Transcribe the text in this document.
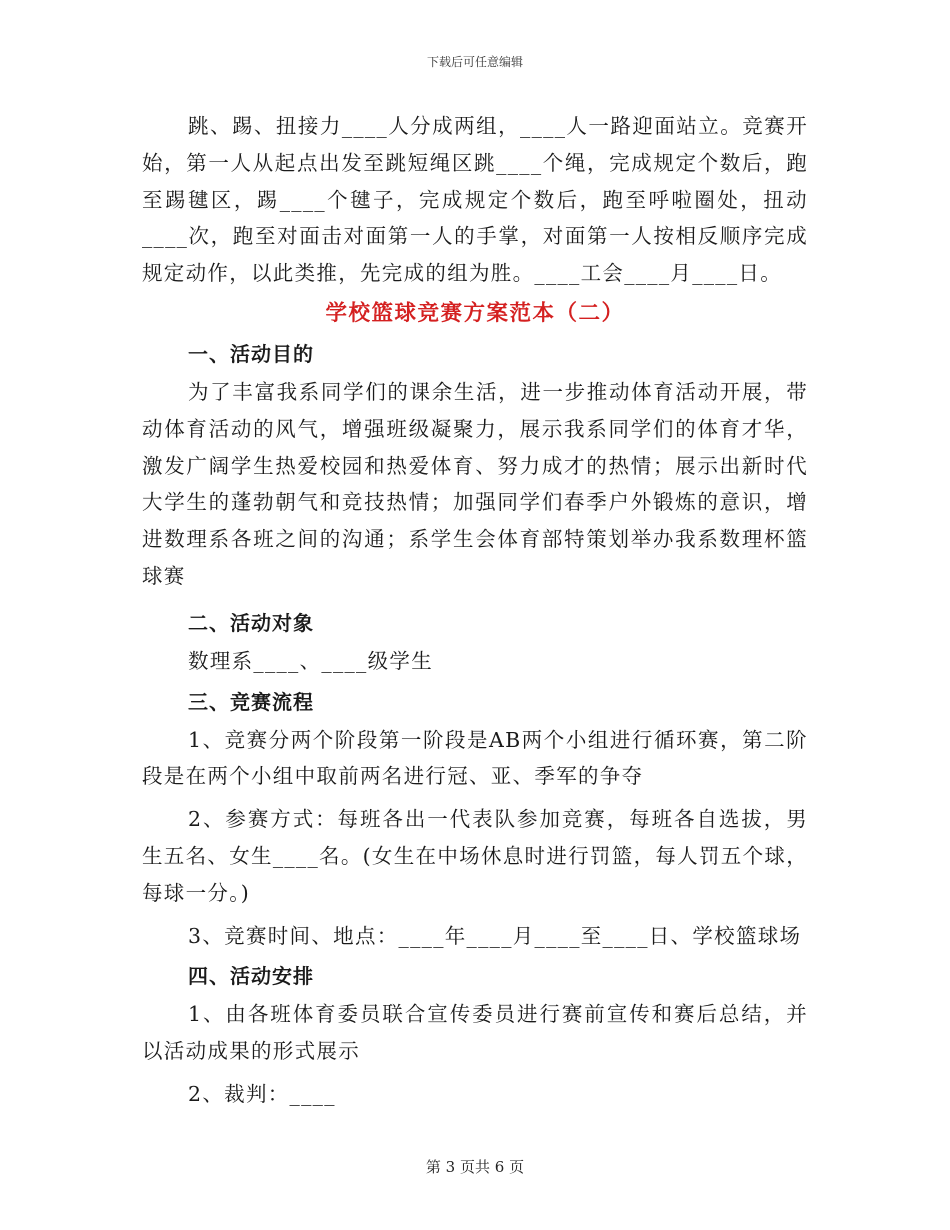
下载后可任意编辑

跳、踢、扭接力____人分成两组，____人一路迎面站立。竞赛开始，第一人从起点出发至跳短绳区跳____个绳，完成规定个数后，跑至踢毽区，踢____个毽子，完成规定个数后，跑至呼啦圈处，扭动____次，跑至对面击对面第一人的手掌，对面第一人按相反顺序完成规定动作，以此类推，先完成的组为胜。____工会____月____日。

学校篮球竞赛方案范本（二）
一、活动目的

为了丰富我系同学们的课余生活，进一步推动体育活动开展，带动体育活动的风气，增强班级凝聚力，展示我系同学们的体育才华，激发广阔学生热爱校园和热爱体育、努力成才的热情；展示出新时代大学生的蓬勃朝气和竞技热情；加强同学们春季户外锻炼的意识，增进数理系各班之间的沟通；系学生会体育部特策划举办我系数理杯篮球赛

二、活动对象

数理系____、____级学生

三、竞赛流程

1、竞赛分两个阶段第一阶段是AB两个小组进行循环赛，第二阶段是在两个小组中取前两名进行冠、亚、季军的争夺

2、参赛方式：每班各出一代表队参加竞赛，每班各自选拔，男生五名、女生____名。(女生在中场休息时进行罚篮，每人罚五个球，每球一分。)

3、竞赛时间、地点：____年____月____至____日、学校篮球场

四、活动安排

1、由各班体育委员联合宣传委员进行赛前宣传和赛后总结，并以活动成果的形式展示

2、裁判：____

第 3 页共 6 页
